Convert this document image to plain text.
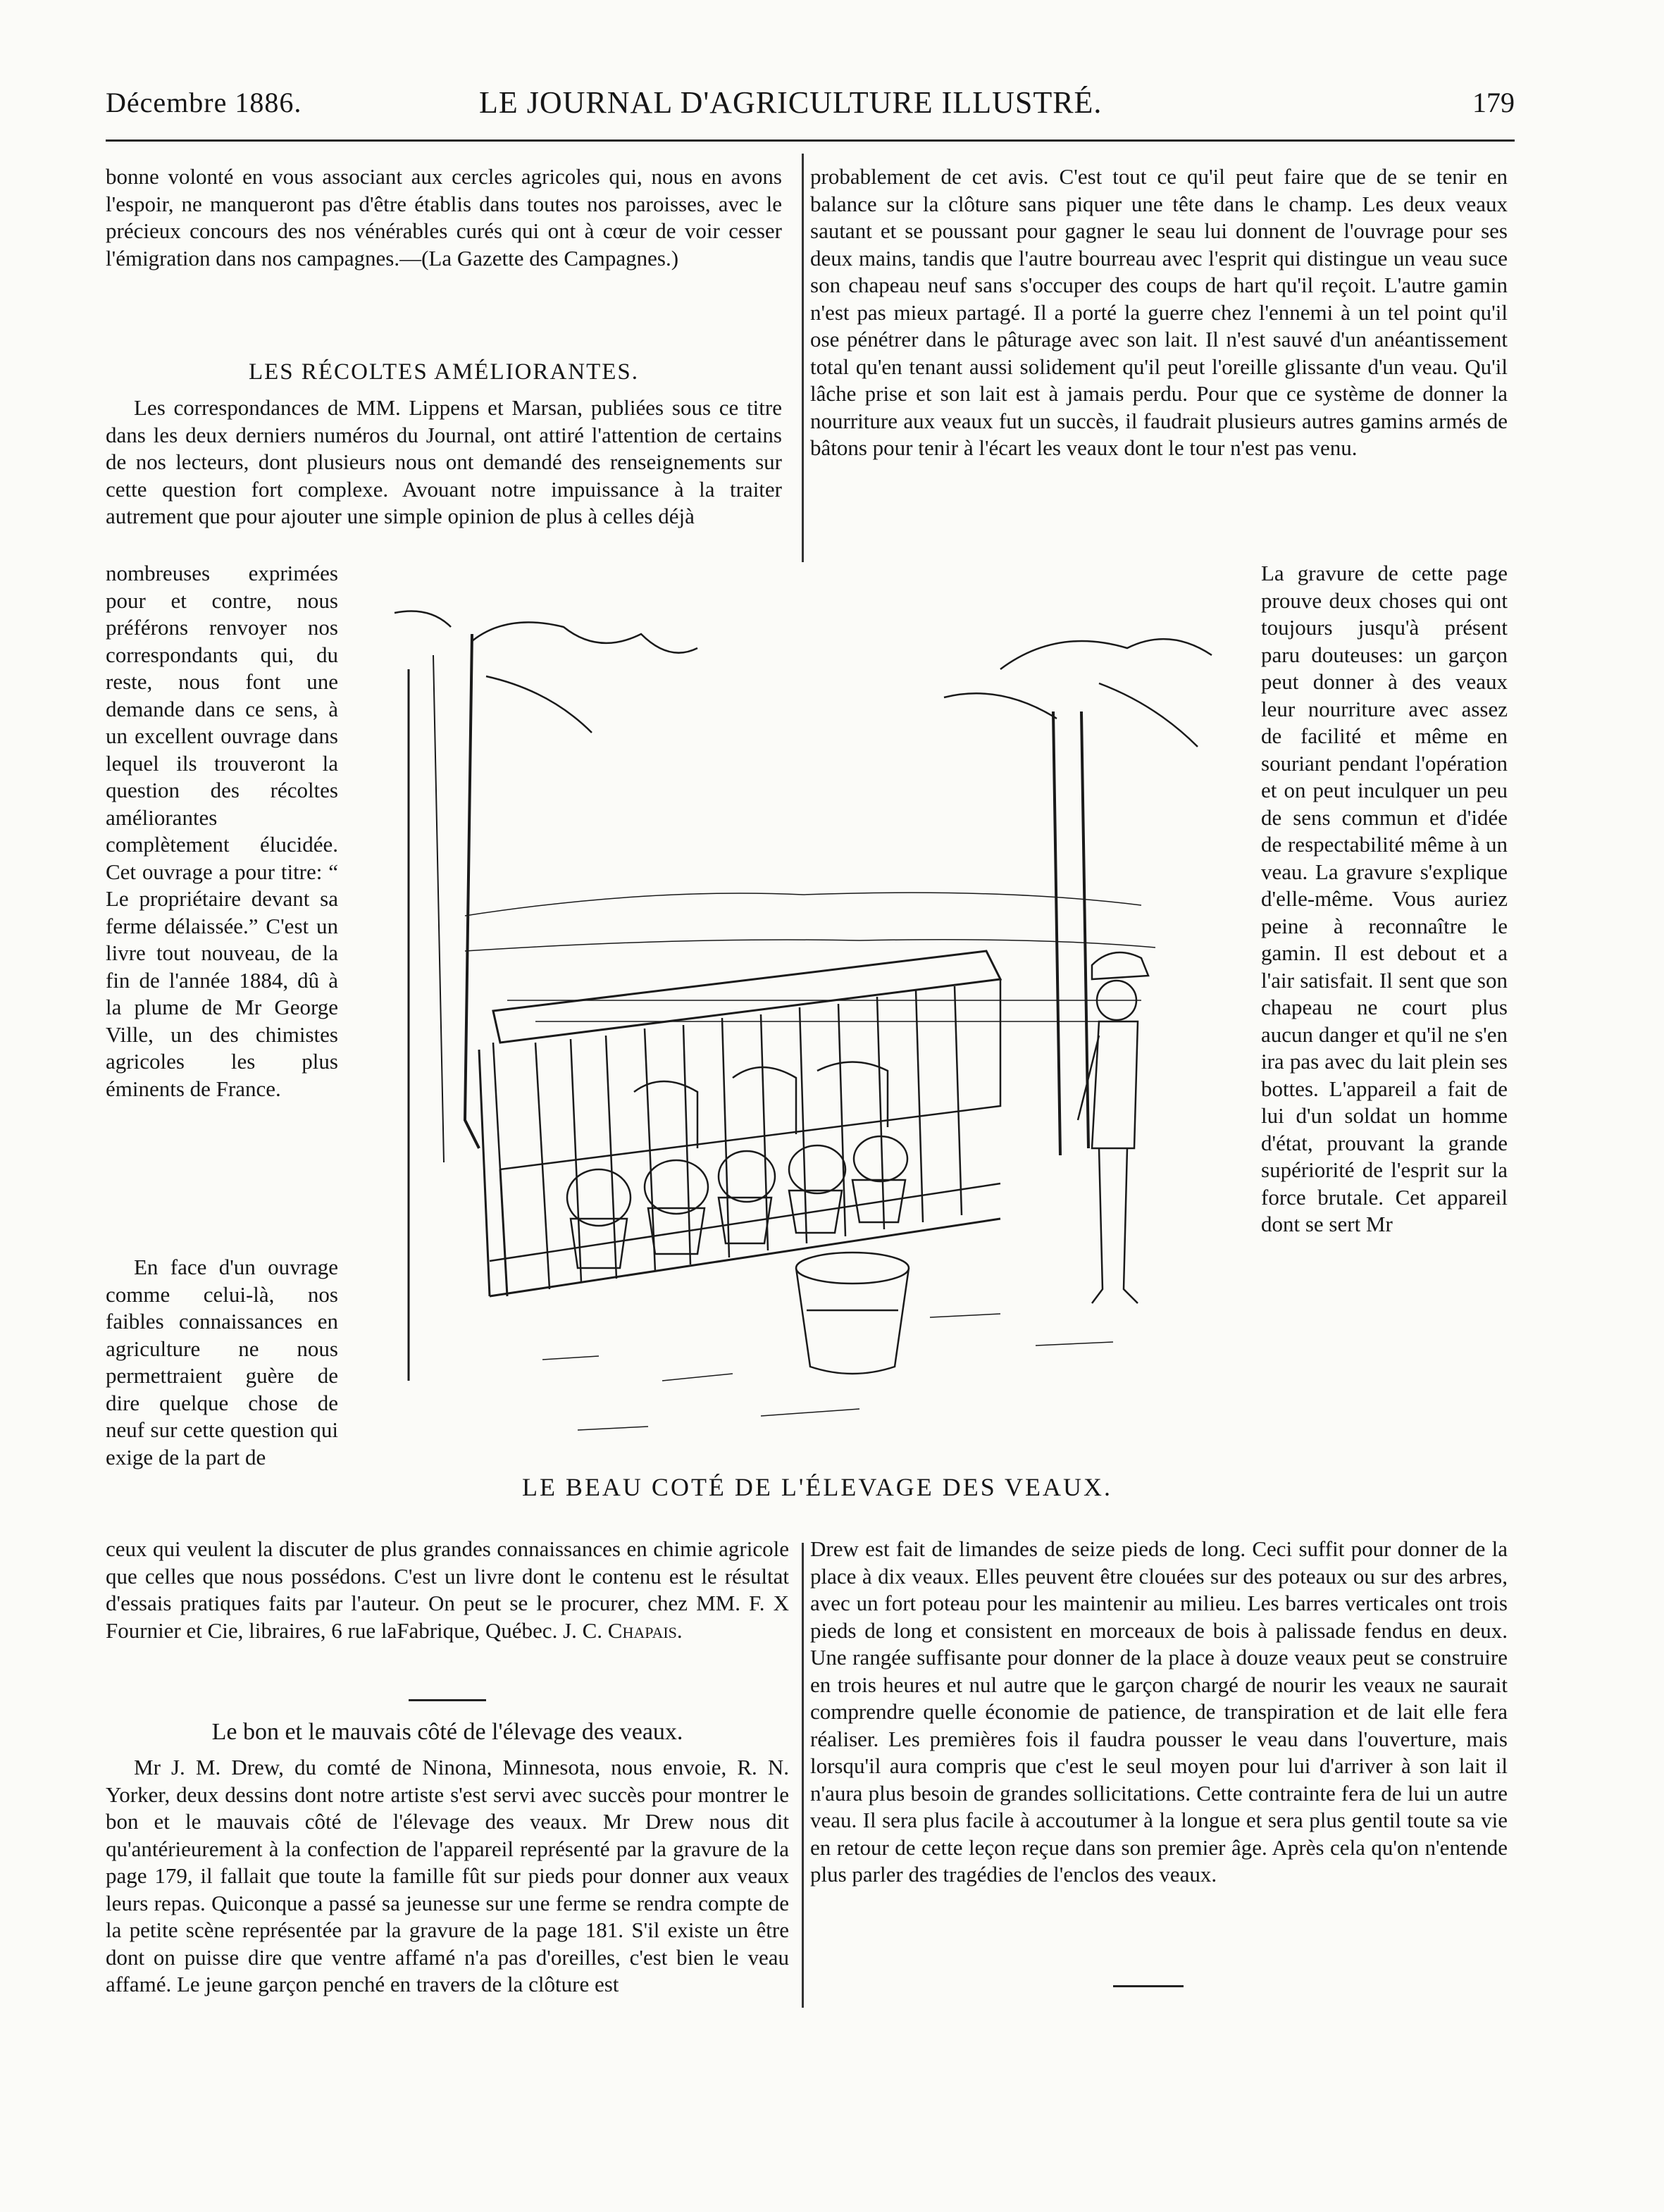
Décembre 1886.	LE JOURNAL D'AGRICULTURE ILLUSTRÉ.	179

bonne volonté en vous associant aux cercles agricoles qui, nous en avons l'espoir, ne manqueront pas d'être établis dans toutes nos paroisses, avec le précieux concours des nos vénérables curés qui ont à cœur de voir cesser l'émigration dans nos campagnes.—(La Gazette des Campagnes.)

LES RÉCOLTES AMÉLIORANTES.

Les correspondances de MM. Lippens et Marsan, publiées sous ce titre dans les deux derniers numéros du Journal, ont attiré l'attention de certains de nos lecteurs, dont plusieurs nous ont demandé des renseignements sur cette question fort complexe. Avouant notre impuissance à la traiter autrement que pour ajouter une simple opinion de plus à celles déjà

nombreuses exprimées pour et contre, nous préférons renvoyer nos correspondants qui, du reste, nous font une demande dans ce sens, à un excellent ouvrage dans lequel ils trouveront la question des récoltes améliorantes complètement élucidée. Cet ouvrage a pour titre: “ Le propriétaire devant sa ferme délaissée.” C'est un livre tout nouveau, de la fin de l'année 1884, dû à la plume de Mr George Ville, un des chimistes agricoles les plus éminents de France.

En face d'un ouvrage comme celui-là, nos faibles connaissances en agriculture ne nous permettraient guère de dire quelque chose de neuf sur cette question qui exige de la part de

ceux qui veulent la discuter de plus grandes connaissances en chimie agricole que celles que nous possédons. C'est un livre dont le contenu est le résultat d'essais pratiques faits par l'auteur. On peut se le procurer, chez MM. F. X Fournier et Cie, libraires, 6 rue laFabrique, Québec. J. C. Chapais.

Le bon et le mauvais côté de l'élevage des veaux.

Mr J. M. Drew, du comté de Ninona, Minnesota, nous envoie, R. N. Yorker, deux dessins dont notre artiste s'est servi avec succès pour montrer le bon et le mauvais côté de l'élevage des veaux. Mr Drew nous dit qu'antérieurement à la confection de l'appareil représenté par la gravure de la page 179, il fallait que toute la famille fût sur pieds pour donner aux veaux leurs repas. Quiconque a passé sa jeunesse sur une ferme se rendra compte de la petite scène représentée par la gravure de la page 181. S'il existe un être dont on puisse dire que ventre affamé n'a pas d'oreilles, c'est bien le veau affamé. Le jeune garçon penché en travers de la clôture est

probablement de cet avis. C'est tout ce qu'il peut faire que de se tenir en balance sur la clôture sans piquer une tête dans le champ. Les deux veaux sautant et se poussant pour gagner le seau lui donnent de l'ouvrage pour ses deux mains, tandis que l'autre bourreau avec l'esprit qui distingue un veau suce son chapeau neuf sans s'occuper des coups de hart qu'il reçoit. L'autre gamin n'est pas mieux partagé. Il a porté la guerre chez l'ennemi à un tel point qu'il ose pénétrer dans le pâturage avec son lait. Il n'est sauvé d'un anéantissement total qu'en tenant aussi solidement qu'il peut l'oreille glissante d'un veau. Qu'il lâche prise et son lait est à jamais perdu. Pour que ce système de donner la nourriture aux veaux fut un succès, il faudrait plusieurs autres gamins armés de bâtons pour tenir à l'écart les veaux dont le tour n'est pas venu.

La gravure de cette page prouve deux choses qui ont toujours jusqu'à présent paru douteuses: un garçon peut donner à des veaux leur nourriture avec assez de facilité et même en souriant pendant l'opération et on peut inculquer un peu de sens commun et d'idée de respectabilité même à un veau. La gravure s'explique d'elle-même. Vous auriez peine à reconnaître le gamin. Il est debout et a l'air satisfait. Il sent que son chapeau ne court plus aucun danger et qu'il ne s'en ira pas avec du lait plein ses bottes. L'appareil a fait de lui d'un soldat un homme d'état, prouvant la grande supériorité de l'esprit sur la force brutale. Cet appareil dont se sert Mr

Drew est fait de limandes de seize pieds de long. Ceci suffit pour donner de la place à dix veaux. Elles peuvent être clouées sur des poteaux ou sur des arbres, avec un fort poteau pour les maintenir au milieu. Les barres verticales ont trois pieds de long et consistent en morceaux de bois à palissade fendus en deux. Une rangée suffisante pour donner de la place à douze veaux peut se construire en trois heures et nul autre que le garçon chargé de nourir les veaux ne saurait comprendre quelle économie de patience, de transpiration et de lait elle fera réaliser. Les premières fois il faudra pousser le veau dans l'ouverture, mais lorsqu'il aura compris que c'est le seul moyen pour lui d'arriver à son lait il n'aura plus besoin de grandes sollicitations. Cette contrainte fera de lui un autre veau. Il sera plus facile à accoutumer à la longue et sera plus gentil toute sa vie en retour de cette leçon reçue dans son premier âge. Après cela qu'on n'entende plus parler des tragédies de l'enclos des veaux.

LE BEAU COTÉ DE L'ÉLEVAGE DES VEAUX.
